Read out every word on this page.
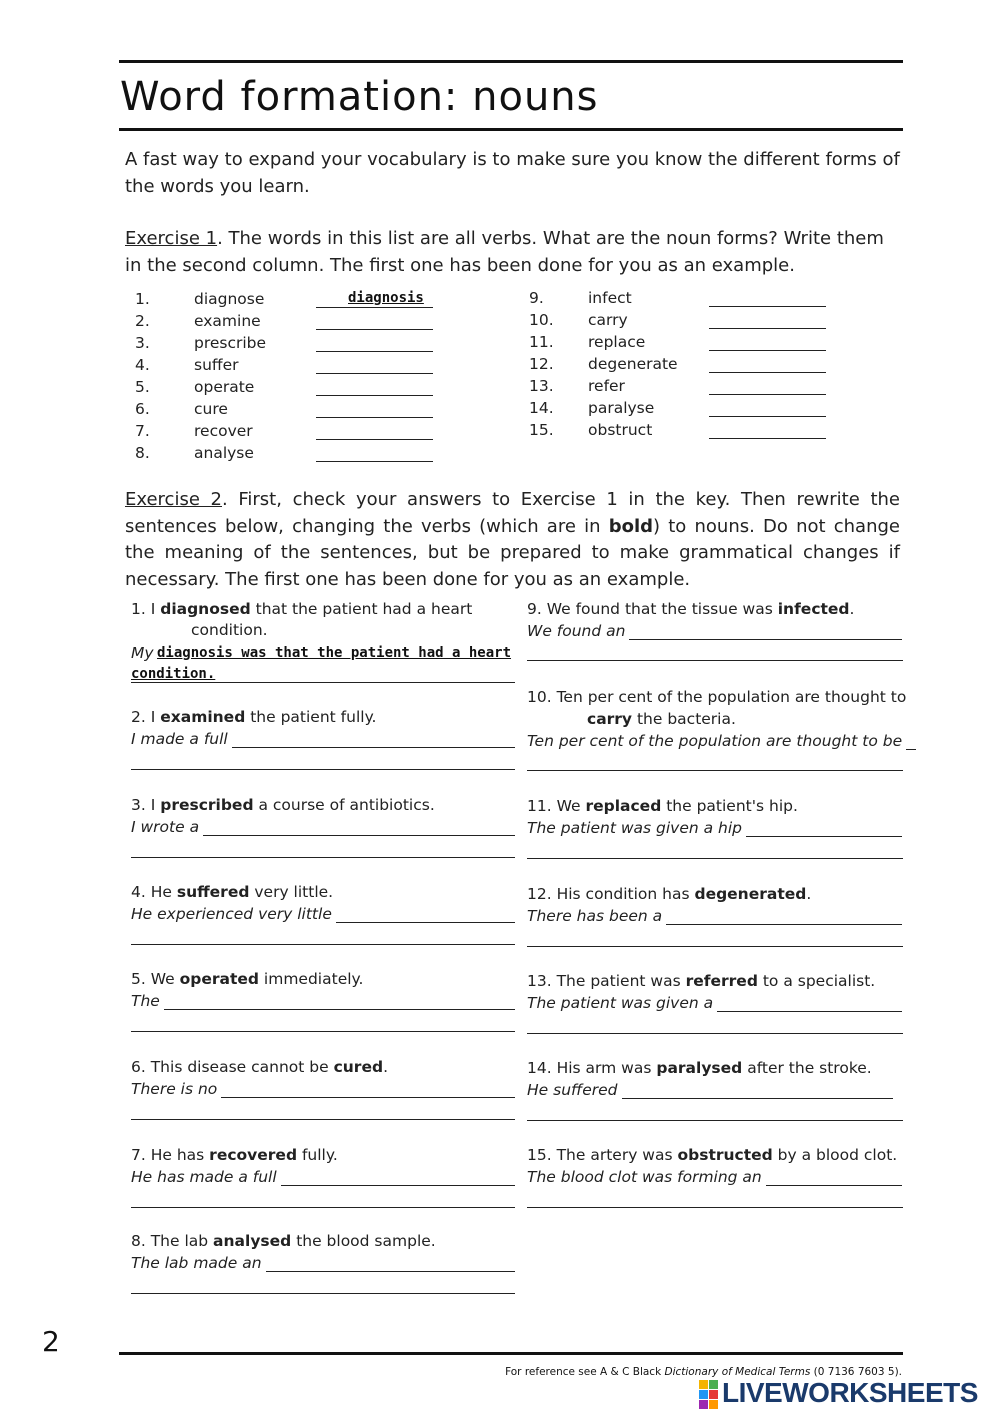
Word formation: nouns
A fast way to expand your vocabulary is to make sure you know the different forms of the words you learn.
Exercise 1. The words in this list are all verbs. What are the noun forms? Write them in the second column. The first one has been done for you as an example.
1.	diagnose	diagnosis
2.	examine
3.	prescribe
4.	suffer
5.	operate
6.	cure
7.	recover
8.	analyse
9.	infect
10. carry
11. replace
12. degenerate
13. refer
14. paralyse
15. obstruct
Exercise 2. First, check your answers to Exercise 1 in the key. Then rewrite the sentences below, changing the verbs (which are in bold) to nouns. Do not change the meaning of the sentences, but be prepared to make grammatical changes if necessary. The first one has been done for you as an example.
1. I diagnosed that the patient had a heart
condition.
My diagnosis was that the patient had a heart
condition.
2. I examined the patient fully.
I made a full
3. I prescribed a course of antibiotics.
I wrote a
4. He suffered very little.
He experienced very little
5. We operated immediately.
The
6. This disease cannot be cured.
There is no
7. He has recovered fully.
He has made a full
8. The lab analysed the blood sample.
The lab made an
9. We found that the tissue was infected.
We found an
10. Ten per cent of the population are thought to
carry the bacteria.
Ten per cent of the population are thought to be
11. We replaced the patient's hip.
The patient was given a hip
12. His condition has degenerated.
There has been a
13. The patient was referred to a specialist.
The patient was given a
14. His arm was paralysed after the stroke.
He suffered
15. The artery was obstructed by a blood clot.
The blood clot was forming an
2
For reference see A & C Black Dictionary of Medical Terms (0 7136 7603 5).
LIVEWORKSHEETS
